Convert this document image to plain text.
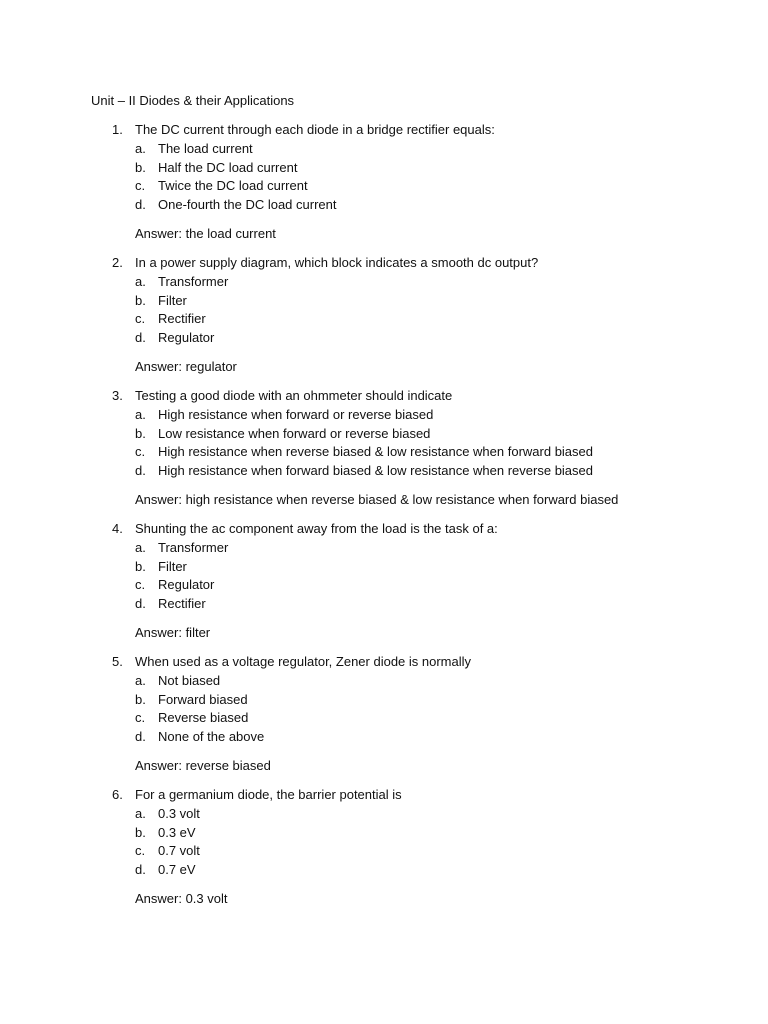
Unit – II Diodes & their Applications
1. The DC current through each diode in a bridge rectifier equals:
a. The load current
b. Half the DC load current
c. Twice the DC load current
d. One-fourth the DC load current
Answer: the load current
2. In a power supply diagram, which block indicates a smooth dc output?
a. Transformer
b. Filter
c. Rectifier
d. Regulator
Answer: regulator
3. Testing a good diode with an ohmmeter should indicate
a. High resistance when forward or reverse biased
b. Low resistance when forward or reverse biased
c. High resistance when reverse biased & low resistance when forward biased
d. High resistance when forward biased & low resistance when reverse biased
Answer: high resistance when reverse biased & low resistance when forward biased
4. Shunting the ac component away from the load is the task of a:
a. Transformer
b. Filter
c. Regulator
d. Rectifier
Answer: filter
5. When used as a voltage regulator, Zener diode is normally
a. Not biased
b. Forward biased
c. Reverse biased
d. None of the above
Answer: reverse biased
6. For a germanium diode, the barrier potential is
a. 0.3 volt
b. 0.3 eV
c. 0.7 volt
d. 0.7 eV
Answer: 0.3 volt
